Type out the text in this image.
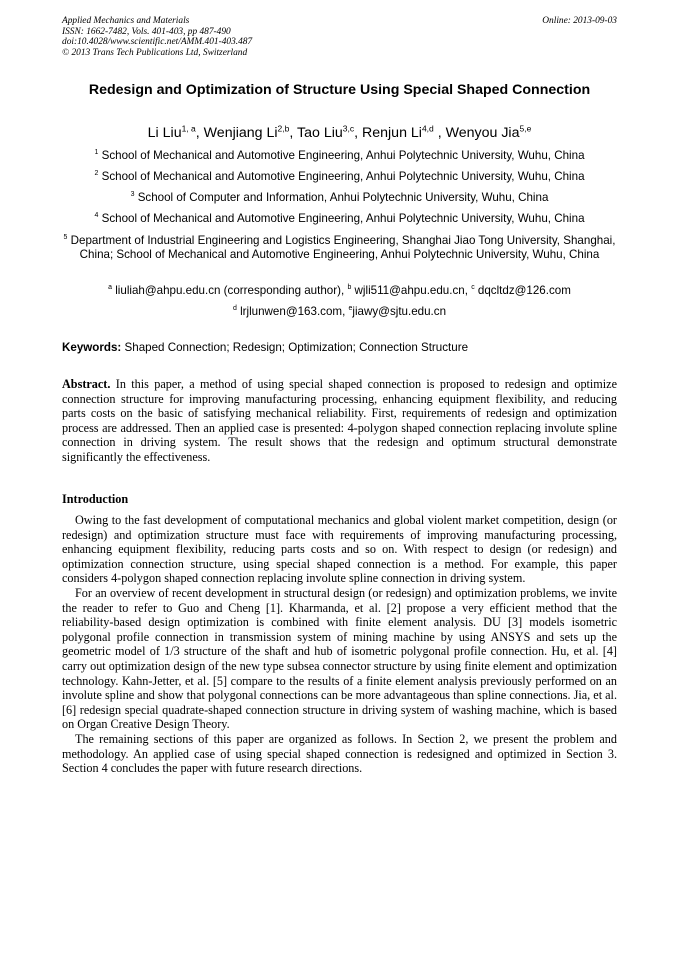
Applied Mechanics and Materials
ISSN: 1662-7482, Vols. 401-403, pp 487-490
doi:10.4028/www.scientific.net/AMM.401-403.487
© 2013 Trans Tech Publications Ltd, Switzerland
Online: 2013-09-03
Redesign and Optimization of Structure Using Special Shaped Connection
Li Liu$^{1, a}$, Wenjiang Li$^{2,b}$, Tao Liu$^{3,c}$, Renjun Li$^{4,d}$ , Wenyou Jia$^{5,e}$
$^1$ School of Mechanical and Automotive Engineering, Anhui Polytechnic University, Wuhu, China
$^2$ School of Mechanical and Automotive Engineering, Anhui Polytechnic University, Wuhu, China
$^3$ School of Computer and Information, Anhui Polytechnic University, Wuhu, China
$^4$ School of Mechanical and Automotive Engineering, Anhui Polytechnic University, Wuhu, China
$^5$ Department of Industrial Engineering and Logistics Engineering, Shanghai Jiao Tong University, Shanghai, China; School of Mechanical and Automotive Engineering, Anhui Polytechnic University, Wuhu, China
$^a$ liuliah@ahpu.edu.cn (corresponding author), $^b$ wjli511@ahpu.edu.cn, $^c$ dqcltdz@126.com
$^d$ lrjlunwen@163.com, $^e$jiawy@sjtu.edu.cn
Keywords: Shaped Connection; Redesign; Optimization; Connection Structure
Abstract. In this paper, a method of using special shaped connection is proposed to redesign and optimize connection structure for improving manufacturing processing, enhancing equipment flexibility, and reducing parts costs on the basic of satisfying mechanical reliability. First, requirements of redesign and optimization process are addressed. Then an applied case is presented: 4-polygon shaped connection replacing involute spline connection in driving system. The result shows that the redesign and optimum structural demonstrate significantly the effectiveness.
Introduction

Owing to the fast development of computational mechanics and global violent market competition, design (or redesign) and optimization structure must face with requirements of improving manufacturing processing, enhancing equipment flexibility, reducing parts costs and so on. With respect to design (or redesign) and optimization connection structure, using special shaped connection is a method. For example, this paper considers 4-polygon shaped connection replacing involute spline connection in driving system.

For an overview of recent development in structural design (or redesign) and optimization problems, we invite the reader to refer to Guo and Cheng [1]. Kharmanda, et al. [2] propose a very efficient method that the reliability-based design optimization is combined with finite element analysis. DU [3] models isometric polygonal profile connection in transmission system of mining machine by using ANSYS and sets up the geometric model of 1/3 structure of the shaft and hub of isometric polygonal profile connection. Hu, et al. [4] carry out optimization design of the new type subsea connector structure by using finite element and optimization technology. Kahn-Jetter, et al. [5] compare to the results of a finite element analysis previously performed on an involute spline and show that polygonal connections can be more advantageous than spline connections. Jia, et al. [6] redesign special quadrate-shaped connection structure in driving system of washing machine, which is based on Organ Creative Design Theory.

The remaining sections of this paper are organized as follows. In Section 2, we present the problem and methodology. An applied case of using special shaped connection is redesigned and optimized in Section 3. Section 4 concludes the paper with future research directions.
